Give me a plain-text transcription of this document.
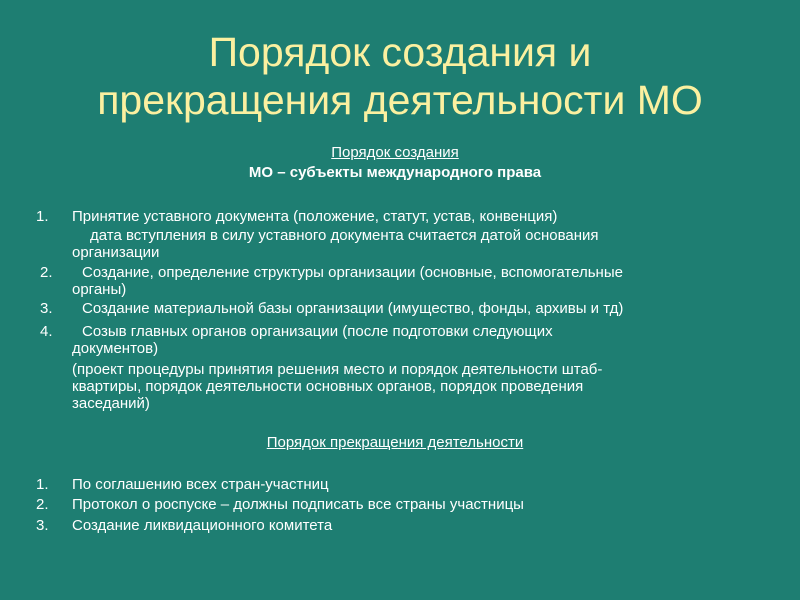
Порядок создания и
прекращения деятельности МО
Порядок создания
МО – субъекты международного права
1. Принятие уставного документа (положение, статут, устав, конвенция)
дата вступления в силу уставного документа считается датой основания
организации
2. Создание, определение структуры организации (основные, вспомогательные
органы)
3. Создание материальной базы организации (имущество, фонды, архивы и тд)
4. Созыв главных органов организации (после подготовки следующих
документов)
(проект процедуры принятия решения место и порядок деятельности штаб-
квартиры, порядок деятельности основных органов, порядок проведения
заседаний)
Порядок прекращения деятельности
1. По соглашению всех стран-участниц
2. Протокол о роспуске – должны подписать все страны участницы
3. Создание ликвидационного комитета
